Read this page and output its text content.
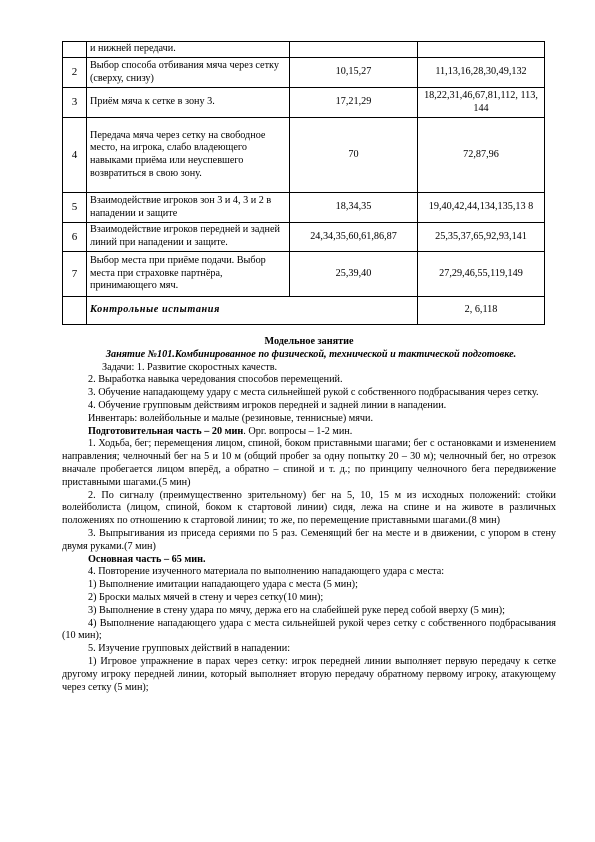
	и нижней передачи.		
2	Выбор способа отбивания мяча через сетку (сверху, снизу)	10,15,27	11,13,16,28,30,49,132
3	Приём мяча к сетке в зону 3.	17,21,29	18,22,31,46,67,81,112, 113, 144
4	Передача мяча через сетку на свободное место, на игрока, слабо владеющего навыками приёма или неуспевшего возвратиться в свою зону.	70	72,87,96
5	Взаимодействие игроков зон 3 и 4, 3 и 2 в нападении и защите	18,34,35	19,40,42,44,134,135,13 8
6	Взаимодействие игроков передней и задней линий при нападении и защите.	24,34,35,60,61,86,87	25,35,37,65,92,93,141
7	Выбор места при приёме подачи. Выбор места при страховке партнёра, принимающего мяч.	25,39,40	27,29,46,55,119,149
	Контрольные испытания		2, 6,118

Модельное занятие

Занятие №101.Комбинированное по физической, технической и тактической подготовке.

Задачи: 1. Развитие скоростных качеств.

2. Выработка навыка чередования способов перемещений.

3. Обучение нападающему удару с места сильнейшей рукой с собственного подбрасывания через сетку.

4. Обучение групповым действиям игроков передней и задней линии в нападении.

Инвентарь: волейбольные и малые (резиновые, теннисные) мячи.

Подготовительная часть – 20 мин. Орг. вопросы – 1-2 мин.

1. Ходьба, бег; перемещения лицом, спиной, боком приставными шагами; бег с остановками и изменением направления; челночный бег на 5 и 10 м (общий пробег за одну попытку 20 – 30 м); челночный бег, но отрезок вначале пробегается лицом вперёд, а обратно – спиной и т. д.; по принципу челночного бега передвижение приставными шагами.(5 мин)

2. По сигналу (преимущественно зрительному) бег на 5, 10, 15 м из исходных положений: стойки волейболиста (лицом, спиной, боком к стартовой линии) сидя, лежа на спине и на животе в различных положениях по отношению к стартовой линии; то же, по перемещение приставными шагами.(8 мин)

3. Выпрыгивания из приседа сериями по 5 раз. Семенящий бег на месте и в движении, с упором в стену двумя руками.(7 мин)

Основная часть – 65 мин.

4. Повторение изученного материала по выполнению нападающего удара с места:

1) Выполнение имитации нападающего удара с места (5 мин);

2) Броски малых мячей в стену и через сетку(10 мин);

3) Выполнение в стену удара по мячу, держа его на слабейшей руке перед собой вверху (5 мин);

4) Выполнение нападающего удара с места сильнейшей рукой через сетку с собственного подбрасывания (10 мин);

5. Изучение групповых действий в нападении:

1) Игровое упражнение в парах через сетку: игрок передней линии выполняет первую передачу к сетке другому игроку передней линии, который выполняет вторую передачу обратному первому игроку, атакующему через сетку (5 мин);
